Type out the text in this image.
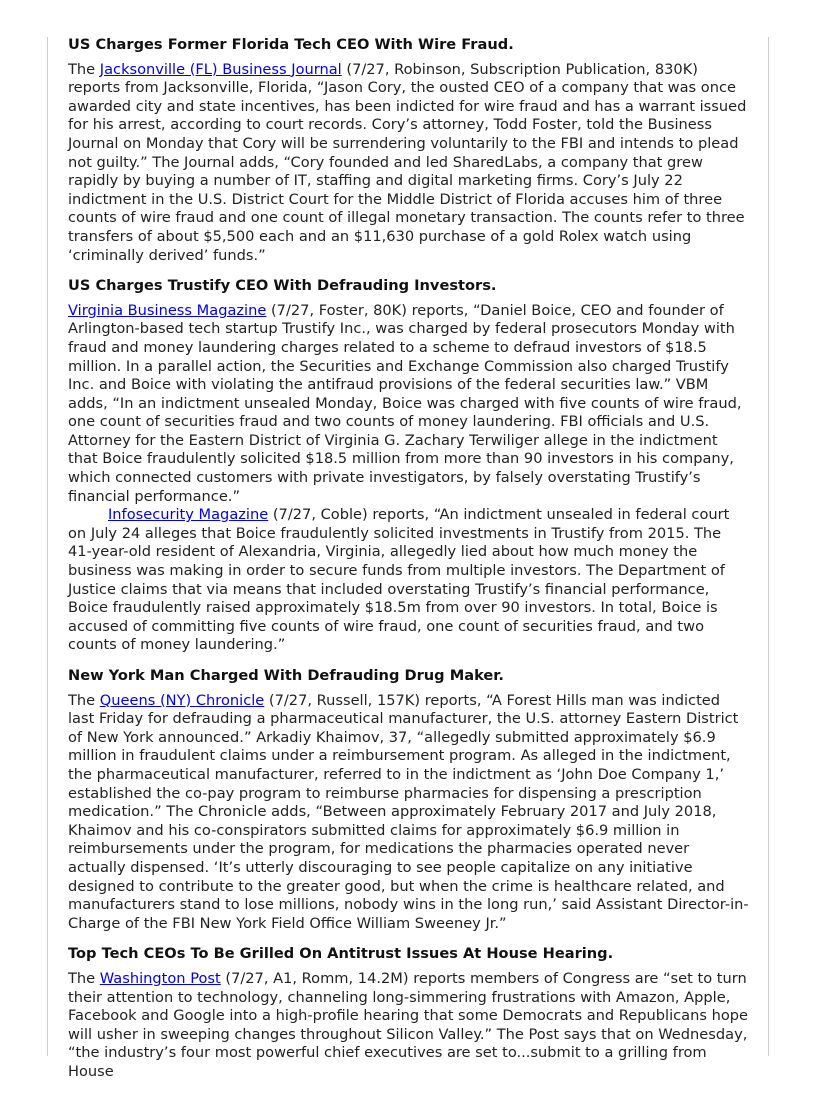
US Charges Former Florida Tech CEO With Wire Fraud.

The Jacksonville (FL) Business Journal (7/27, Robinson, Subscription Publication, 830K) reports from Jacksonville, Florida, “Jason Cory, the ousted CEO of a company that was once awarded city and state incentives, has been indicted for wire fraud and has a warrant issued for his arrest, according to court records. Cory’s attorney, Todd Foster, told the Business Journal on Monday that Cory will be surrendering voluntarily to the FBI and intends to plead not guilty.” The Journal adds, “Cory founded and led SharedLabs, a company that grew rapidly by buying a number of IT, staffing and digital marketing firms. Cory’s July 22 indictment in the U.S. District Court for the Middle District of Florida accuses him of three counts of wire fraud and one count of illegal monetary transaction. The counts refer to three transfers of about $5,500 each and an $11,630 purchase of a gold Rolex watch using ‘criminally derived’ funds.”

US Charges Trustify CEO With Defrauding Investors.

Virginia Business Magazine (7/27, Foster, 80K) reports, “Daniel Boice, CEO and founder of Arlington-based tech startup Trustify Inc., was charged by federal prosecutors Monday with fraud and money laundering charges related to a scheme to defraud investors of $18.5 million. In a parallel action, the Securities and Exchange Commission also charged Trustify Inc. and Boice with violating the antifraud provisions of the federal securities law.” VBM adds, “In an indictment unsealed Monday, Boice was charged with five counts of wire fraud, one count of securities fraud and two counts of money laundering. FBI officials and U.S. Attorney for the Eastern District of Virginia G. Zachary Terwiliger allege in the indictment that Boice fraudulently solicited $18.5 million from more than 90 investors in his company, which connected customers with private investigators, by falsely overstating Trustify’s financial performance.”

Infosecurity Magazine (7/27, Coble) reports, “An indictment unsealed in federal court on July 24 alleges that Boice fraudulently solicited investments in Trustify from 2015. The 41-year-old resident of Alexandria, Virginia, allegedly lied about how much money the business was making in order to secure funds from multiple investors. The Department of Justice claims that via means that included overstating Trustify’s financial performance, Boice fraudulently raised approximately $18.5m from over 90 investors. In total, Boice is accused of committing five counts of wire fraud, one count of securities fraud, and two counts of money laundering.”

New York Man Charged With Defrauding Drug Maker.

The Queens (NY) Chronicle (7/27, Russell, 157K) reports, “A Forest Hills man was indicted last Friday for defrauding a pharmaceutical manufacturer, the U.S. attorney Eastern District of New York announced.” Arkadiy Khaimov, 37, “allegedly submitted approximately $6.9 million in fraudulent claims under a reimbursement program. As alleged in the indictment, the pharmaceutical manufacturer, referred to in the indictment as ‘John Doe Company 1,’ established the co-pay program to reimburse pharmacies for dispensing a prescription medication.” The Chronicle adds, “Between approximately February 2017 and July 2018, Khaimov and his co-conspirators submitted claims for approximately $6.9 million in reimbursements under the program, for medications the pharmacies operated never actually dispensed. ‘It’s utterly discouraging to see people capitalize on any initiative designed to contribute to the greater good, but when the crime is healthcare related, and manufacturers stand to lose millions, nobody wins in the long run,’ said Assistant Director-in-Charge of the FBI New York Field Office William Sweeney Jr.”

Top Tech CEOs To Be Grilled On Antitrust Issues At House Hearing.

The Washington Post (7/27, A1, Romm, 14.2M) reports members of Congress are “set to turn their attention to technology, channeling long-simmering frustrations with Amazon, Apple, Facebook and Google into a high-profile hearing that some Democrats and Republicans hope will usher in sweeping changes throughout Silicon Valley.” The Post says that on Wednesday, “the industry’s four most powerful chief executives are set to...submit to a grilling from House
